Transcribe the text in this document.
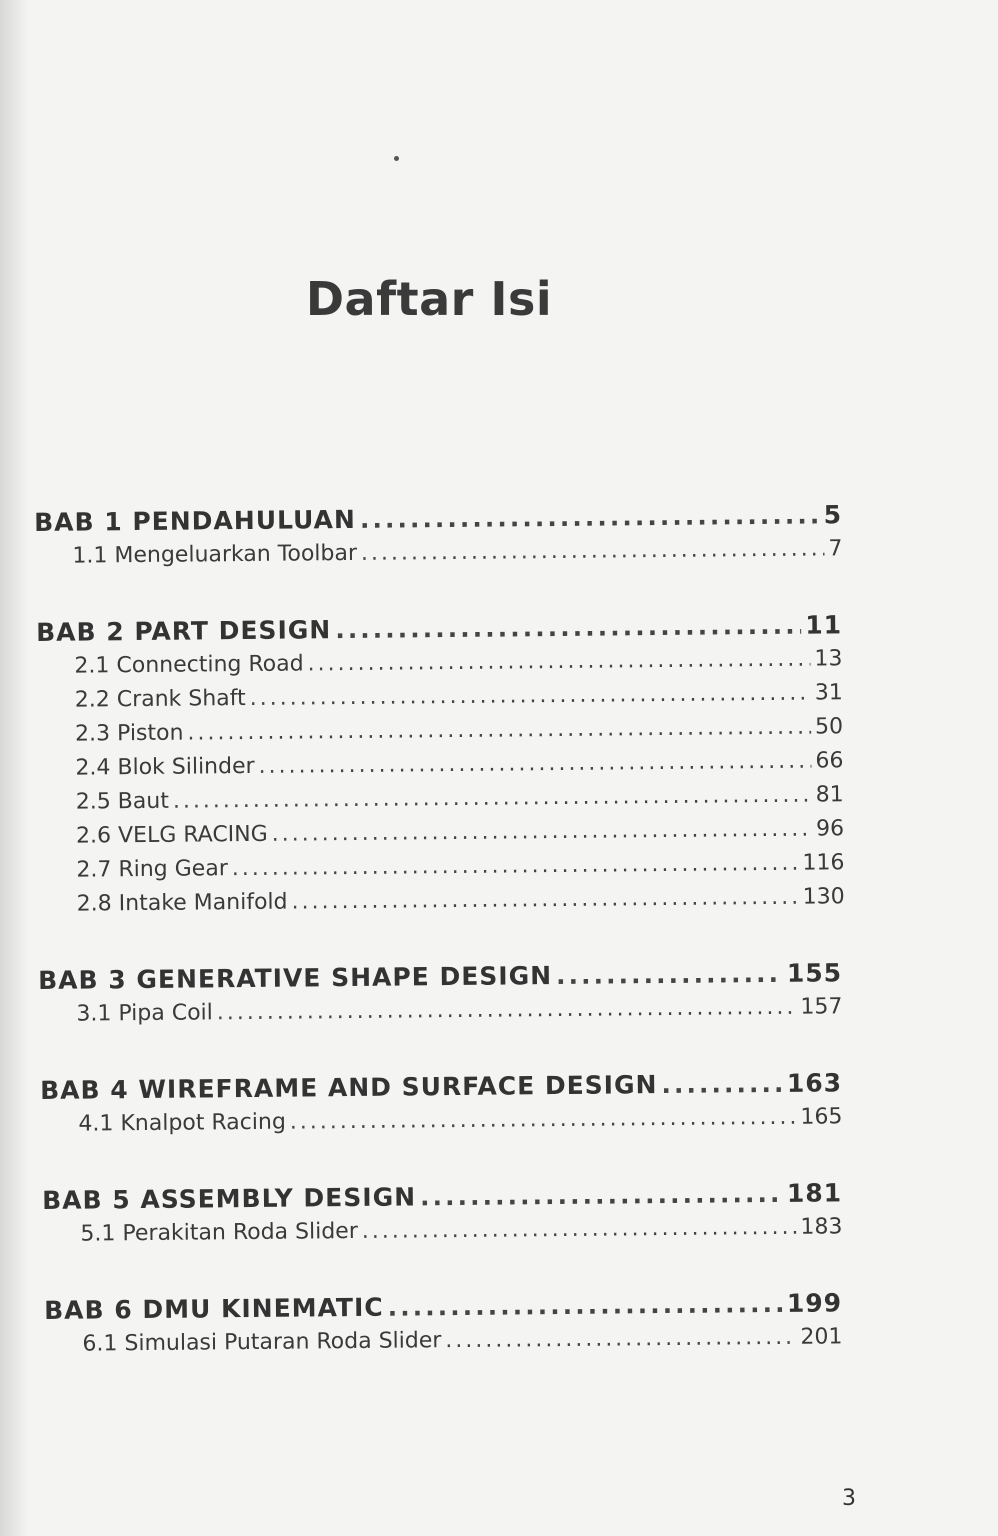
Daftar Isi
BAB 1 PENDAHULUAN .....	5
1.1 Mengeluarkan Toolbar .....	7
BAB 2 PART DESIGN .....	11
2.1 Connecting Road .....	13
2.2 Crank Shaft .....	31
2.3 Piston .....	50
2.4 Blok Silinder .....	66
2.5 Baut .....	81
2.6 VELG RACING .....	96
2.7 Ring Gear .....	116
2.8 Intake Manifold .....	130
BAB 3 GENERATIVE SHAPE DESIGN .....	155
3.1 Pipa Coil .....	157
BAB 4 WIREFRAME AND SURFACE DESIGN .....	163
4.1 Knalpot Racing .....	165
BAB 5 ASSEMBLY DESIGN .....	181
5.1 Perakitan Roda Slider .....	183
BAB 6 DMU KINEMATIC .....	199
6.1 Simulasi Putaran Roda Slider .....	201
3
